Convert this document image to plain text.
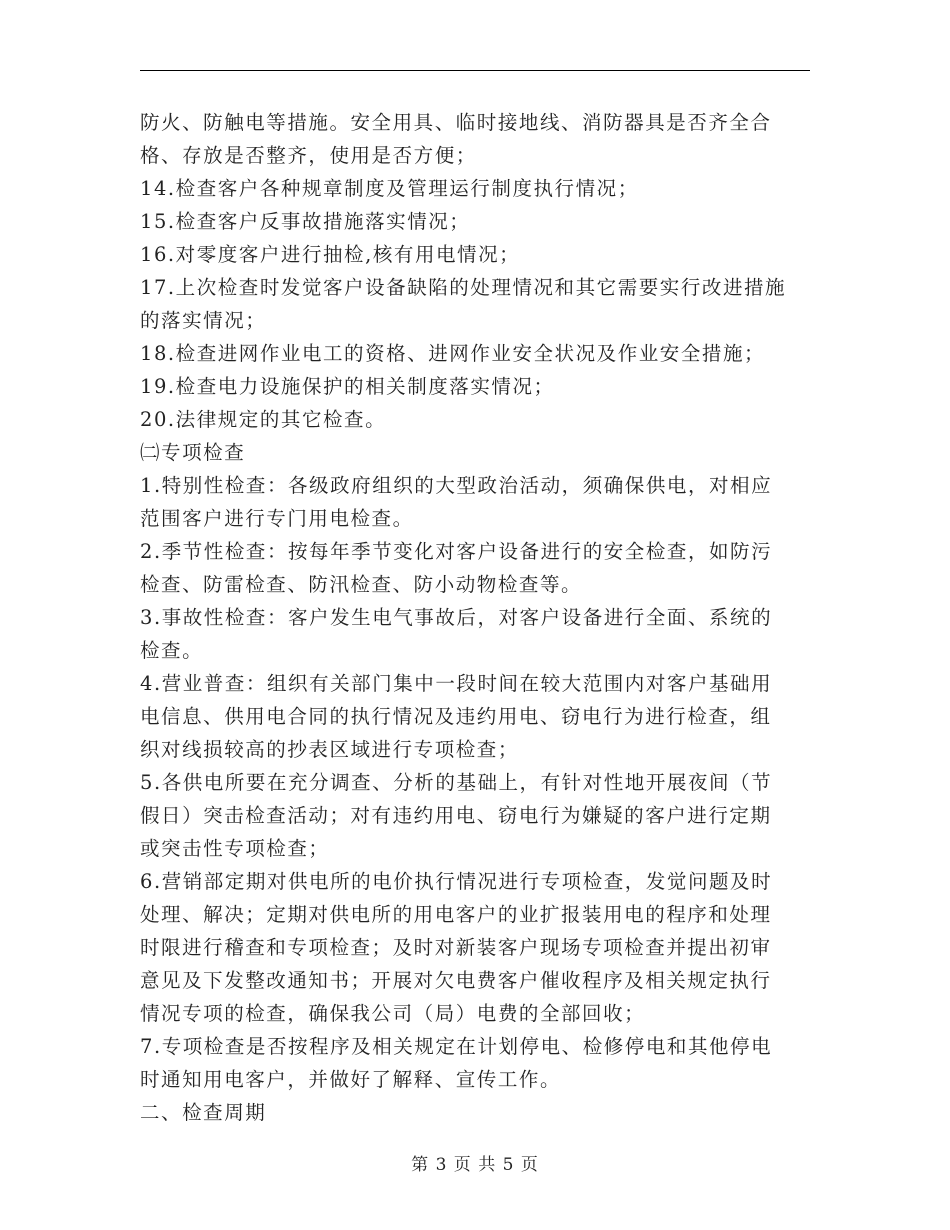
防火、防触电等措施。安全用具、临时接地线、消防器具是否齐全合
格、存放是否整齐，使用是否方便；
14.检查客户各种规章制度及管理运行制度执行情况；
15.检查客户反事故措施落实情况；
16.对零度客户进行抽检,核有用电情况；
17.上次检查时发觉客户设备缺陷的处理情况和其它需要实行改进措施
的落实情况；
18.检查进网作业电工的资格、进网作业安全状况及作业安全措施；
19.检查电力设施保护的相关制度落实情况；
20.法律规定的其它检查。
㈡专项检查
1.特别性检查：各级政府组织的大型政治活动，须确保供电，对相应
范围客户进行专门用电检查。
2.季节性检查：按每年季节变化对客户设备进行的安全检查，如防污
检查、防雷检查、防汛检查、防小动物检查等。
3.事故性检查：客户发生电气事故后，对客户设备进行全面、系统的
检查。
4.营业普查：组织有关部门集中一段时间在较大范围内对客户基础用
电信息、供用电合同的执行情况及违约用电、窃电行为进行检查，组
织对线损较高的抄表区域进行专项检查；
5.各供电所要在充分调查、分析的基础上，有针对性地开展夜间（节
假日）突击检查活动；对有违约用电、窃电行为嫌疑的客户进行定期
或突击性专项检查；
6.营销部定期对供电所的电价执行情况进行专项检查，发觉问题及时
处理、解决；定期对供电所的用电客户的业扩报装用电的程序和处理
时限进行稽查和专项检查；及时对新装客户现场专项检查并提出初审
意见及下发整改通知书；开展对欠电费客户催收程序及相关规定执行
情况专项的检查，确保我公司（局）电费的全部回收；
7.专项检查是否按程序及相关规定在计划停电、检修停电和其他停电
时通知用电客户，并做好了解释、宣传工作。
二、检查周期
第 3 页 共 5 页
